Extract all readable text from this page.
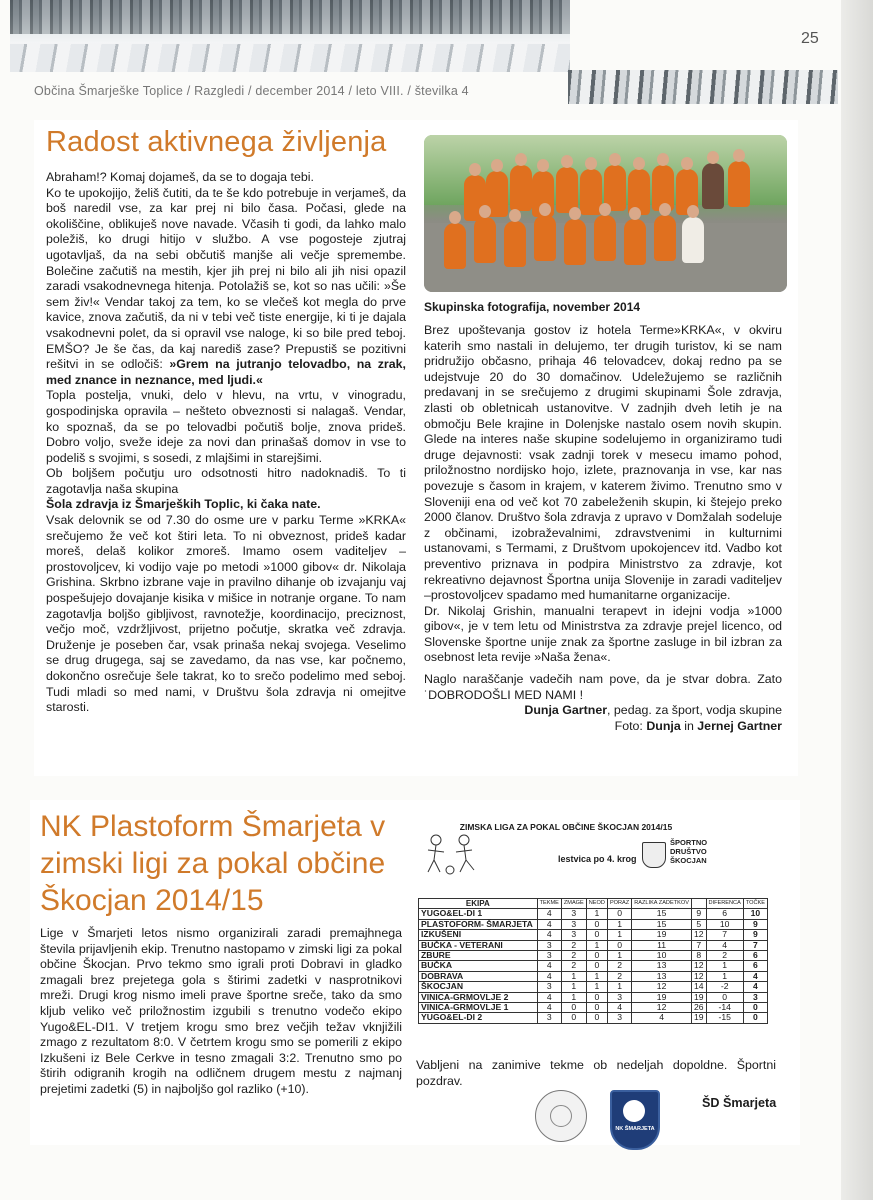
25
Občina Šmarješke Toplice / Razgledi / december 2014 / leto VIII. / številka 4
Radost aktivnega življenja

Abraham!? Komaj dojameš, da se to dogaja tebi.

Ko te upokojijo, želiš čutiti, da te še kdo potrebuje in verjameš, da boš naredil vse, za kar prej ni bilo časa. Počasi, glede na okoliščine, oblikuješ nove navade. Včasih ti godi, da lahko malo poležiš, ko drugi hitijo v službo. A vse pogosteje zjutraj ugotavljaš, da na sebi občutiš manjše ali večje spremembe. Bolečine začutiš na mestih, kjer jih prej ni bilo ali jih nisi opazil zaradi vsakodnevnega hitenja. Potolažiš se, kot so nas učili: »Še sem živ!« Vendar takoj za tem, ko se vlečeš kot megla do prve kavice, znova začutiš, da ni v tebi več tiste energije, ki ti je dajala vsakodnevni polet, da si opravil vse naloge, ki so bile pred teboj. EMŠO? Je še čas, da kaj narediš zase? Prepustiš se pozitivni rešitvi in se odločiš: »Grem na jutranjo telovadbo, na zrak, med znance in neznance, med ljudi.«

Topla postelja, vnuki, delo v hlevu, na vrtu, v vinogradu, gospodinjska opravila – nešteto obveznosti si nalagaš. Vendar, ko spoznaš, da se po telovadbi počutiš bolje, znova prideš. Dobro voljo, sveže ideje za novi dan prinašaš domov in vse to podeliš s svojimi, s sosedi, z mlajšimi in starejšimi.

Ob boljšem počutju uro odsotnosti hitro nadoknadiš. To ti zagotavlja naša skupina

Šola zdravja iz Šmarjeških Toplic, ki čaka nate.

Vsak delovnik se od 7.30 do osme ure v parku Terme »KRKA« srečujemo že več kot štiri leta. To ni obveznost, prideš kadar moreš, delaš kolikor zmoreš. Imamo osem vaditeljev – prostovoljcev, ki vodijo vaje po metodi »1000 gibov« dr. Nikolaja Grishina. Skrbno izbrane vaje in pravilno dihanje ob izvajanju vaj pospešujejo dovajanje kisika v mišice in notranje organe. To nam zagotavlja boljšo gibljivost, ravnotežje, koordinacijo, preciznost, večjo moč, vzdržljivost, prijetno počutje, skratka več zdravja. Druženje je poseben čar, vsak prinaša nekaj svojega. Veselimo se drug drugega, saj se zavedamo, da nas vse, kar počnemo, dokončno osrečuje šele takrat, ko to srečo podelimo med seboj. Tudi mladi so med nami, v Društvu šola zdravja ni omejitve starosti.

Skupinska fotografija, november 2014

Brez upoštevanja gostov iz hotela Terme»KRKA«, v okviru katerih smo nastali in delujemo, ter drugih turistov, ki se nam pridružijo občasno, prihaja 46 telovadcev, dokaj redno pa se udejstvuje 20 do 30 domačinov. Udeležujemo se različnih predavanj in se srečujemo z drugimi skupinami Šole zdravja, zlasti ob obletnicah ustanovitve. V zadnjih dveh letih je na območju Bele krajine in Dolenjske nastalo osem novih skupin. Glede na interes naše skupine sodelujemo in organiziramo tudi druge dejavnosti: vsak zadnji torek v mesecu imamo pohod, priložnostno nordijsko hojo, izlete, praznovanja in vse, kar nas povezuje s časom in krajem, v katerem živimo. Trenutno smo v Sloveniji ena od več kot 70 zabeleženih skupin, ki štejejo preko 2000 članov. Društvo šola zdravja z upravo v Domžalah sodeluje z občinami, izobraževalnimi, zdravstvenimi in kulturnimi ustanovami, s Termami, z Društvom upokojencev itd. Vadbo kot preventivo priznava in podpira Ministrstvo za zdravje, kot rekreativno dejavnost Športna unija Slovenije in zaradi vaditeljev –prostovoljcev spadamo med humanitarne organizacije.

Dr. Nikolaj Grishin, manualni terapevt in idejni vodja »1000 gibov«, je v tem letu od Ministrstva za zdravje prejel licenco, od Slovenske športne unije znak za športne zasluge in bil izbran za osebnost leta revije »Naša žena«.

Naglo naraščanje vadečih nam pove, da je stvar dobra. Zato ˙DOBRODOŠLI MED NAMI !

Dunja Gartner, pedag. za šport, vodja skupine

Foto: Dunja in Jernej Gartner

NK Plastoform Šmarjeta v zimski ligi za pokal občine Škocjan 2014/15

Lige v Šmarjeti letos nismo organizirali zaradi premajhnega števila prijavljenih ekip. Trenutno nastopamo v zimski ligi za pokal občine Škocjan. Prvo tekmo smo igrali proti Dobravi in gladko zmagali brez prejetega gola s štirimi zadetki v nasprotnikovi mreži. Drugi krog nismo imeli prave športne sreče, tako da smo kljub veliko več priložnostim izgubili s trenutno vodečo ekipo Yugo&EL-DI1. V tretjem krogu smo brez večjih težav vknjižili zmago z rezultatom 8:0. V četrtem krogu smo se pomerili z ekipo Izkušeni iz Bele Cerkve in tesno zmagali 3:2. Trenutno smo po štirih odigranih krogih na odličnem drugem mestu z najmanj prejetimi zadetki (5) in najboljšo gol razliko (+10).

ZIMSKA LIGA ZA POKAL OBČINE ŠKOCJAN 2014/15
lestvica po 4. krog
ŠPORTNO DRUŠTVO ŠKOCJAN
EKIPA	TEKME	ZMAGE	NEOD	PORAZ	RAZLIKA ZADETKOV		DIFERENCA	TOČKE
YUGO&EL-DI 1	4	3	1	0	15	9	6	10
PLASTOFORM- ŠMARJETA	4	3	0	1	15	5	10	9
IZKUŠENI	4	3	0	1	19	12	7	9
BUČKA - VETERANI	3	2	1	0	11	7	4	7
ZBURE	3	2	0	1	10	8	2	6
BUČKA	4	2	0	2	13	12	1	6
DOBRAVA	4	1	1	2	13	12	1	4
ŠKOCJAN	3	1	1	1	12	14	-2	4
VINICA-GRMOVLJE 2	4	1	0	3	19	19	0	3
VINICA-GRMOVLJE 1	4	0	0	4	12	26	-14	0
YUGO&EL-DI 2	3	0	0	3	4	19	-15	0

Vabljeni na zanimive tekme ob nedeljah dopoldne. Športni pozdrav.

NK ŠMARJETA
ŠD Šmarjeta
